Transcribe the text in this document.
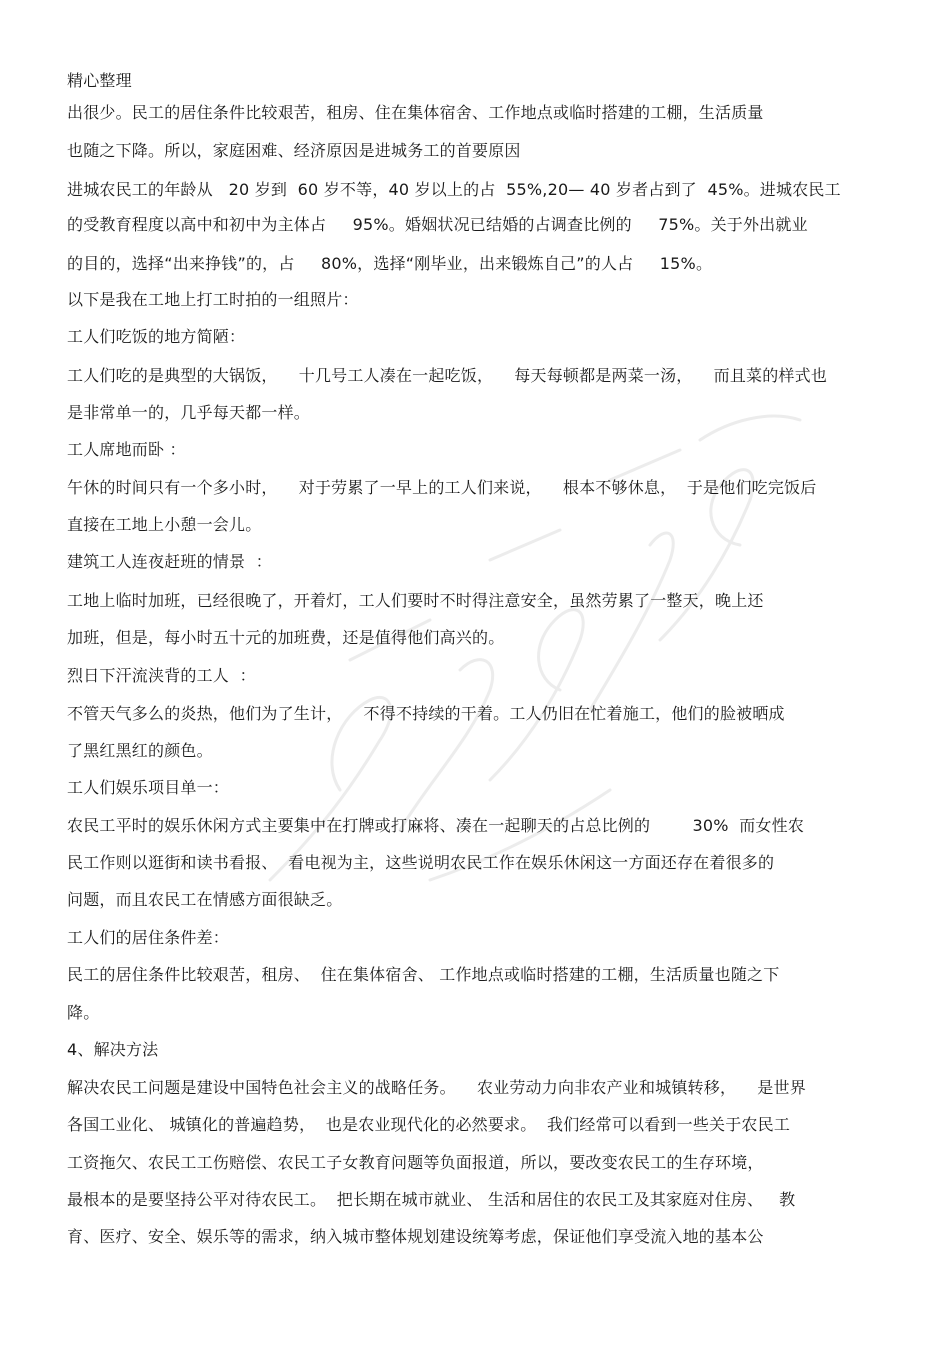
精心整理
出很少。民工的居住条件比较艰苦，租房、住在集体宿舍、工作地点或临时搭建的工棚，生活质量
也随之下降。所以，家庭困难、经济原因是进城务工的首要原因
进城农民工的年龄从   20 岁到  60 岁不等，40 岁以上的占  55%,20— 40 岁者占到了  45%。进城农民工
的受教育程度以高中和初中为主体占     95%。婚姻状况已结婚的占调查比例的     75%。关于外出就业
的目的，选择“出来挣钱”的，占     80%，选择“刚毕业，出来锻炼自己”的人占     15%。
以下是我在工地上打工时拍的一组照片：
工人们吃饭的地方简陋：
工人们吃的是典型的大锅饭，    十几号工人凑在一起吃饭，    每天每顿都是两菜一汤，    而且菜的样式也
是非常单一的，几乎每天都一样。
工人席地而卧 ：
午休的时间只有一个多小时，    对于劳累了一早上的工人们来说，    根本不够休息，  于是他们吃完饭后
直接在工地上小憩一会儿。
建筑工人连夜赶班的情景  ：
工地上临时加班，已经很晚了，开着灯，工人们要时不时得注意安全，虽然劳累了一整天，晚上还
加班，但是，每小时五十元的加班费，还是值得他们高兴的。
烈日下汗流浃背的工人  ：
不管天气多么的炎热，他们为了生计，    不得不持续的干着。工人仍旧在忙着施工，他们的脸被晒成
了黑红黑红的颜色。
工人们娱乐项目单一：
农民工平时的娱乐休闲方式主要集中在打牌或打麻将、凑在一起聊天的占总比例的        30%  而女性农
民工作则以逛街和读书看报、  看电视为主，这些说明农民工作在娱乐休闲这一方面还存在着很多的
问题，而且农民工在情感方面很缺乏。
工人们的居住条件差：
民工的居住条件比较艰苦，租房、  住在集体宿舍、 工作地点或临时搭建的工棚，生活质量也随之下
降。
4、解决方法
解决农民工问题是建设中国特色社会主义的战略任务。    农业劳动力向非农产业和城镇转移，    是世界
各国工业化、 城镇化的普遍趋势，  也是农业现代化的必然要求。  我们经常可以看到一些关于农民工
工资拖欠、农民工工伤赔偿、农民工子女教育问题等负面报道，所以，要改变农民工的生存环境，
最根本的是要坚持公平对待农民工。  把长期在城市就业、 生活和居住的农民工及其家庭对住房、   教
育、医疗、安全、娱乐等的需求，纳入城市整体规划建设统筹考虑，保证他们享受流入地的基本公
